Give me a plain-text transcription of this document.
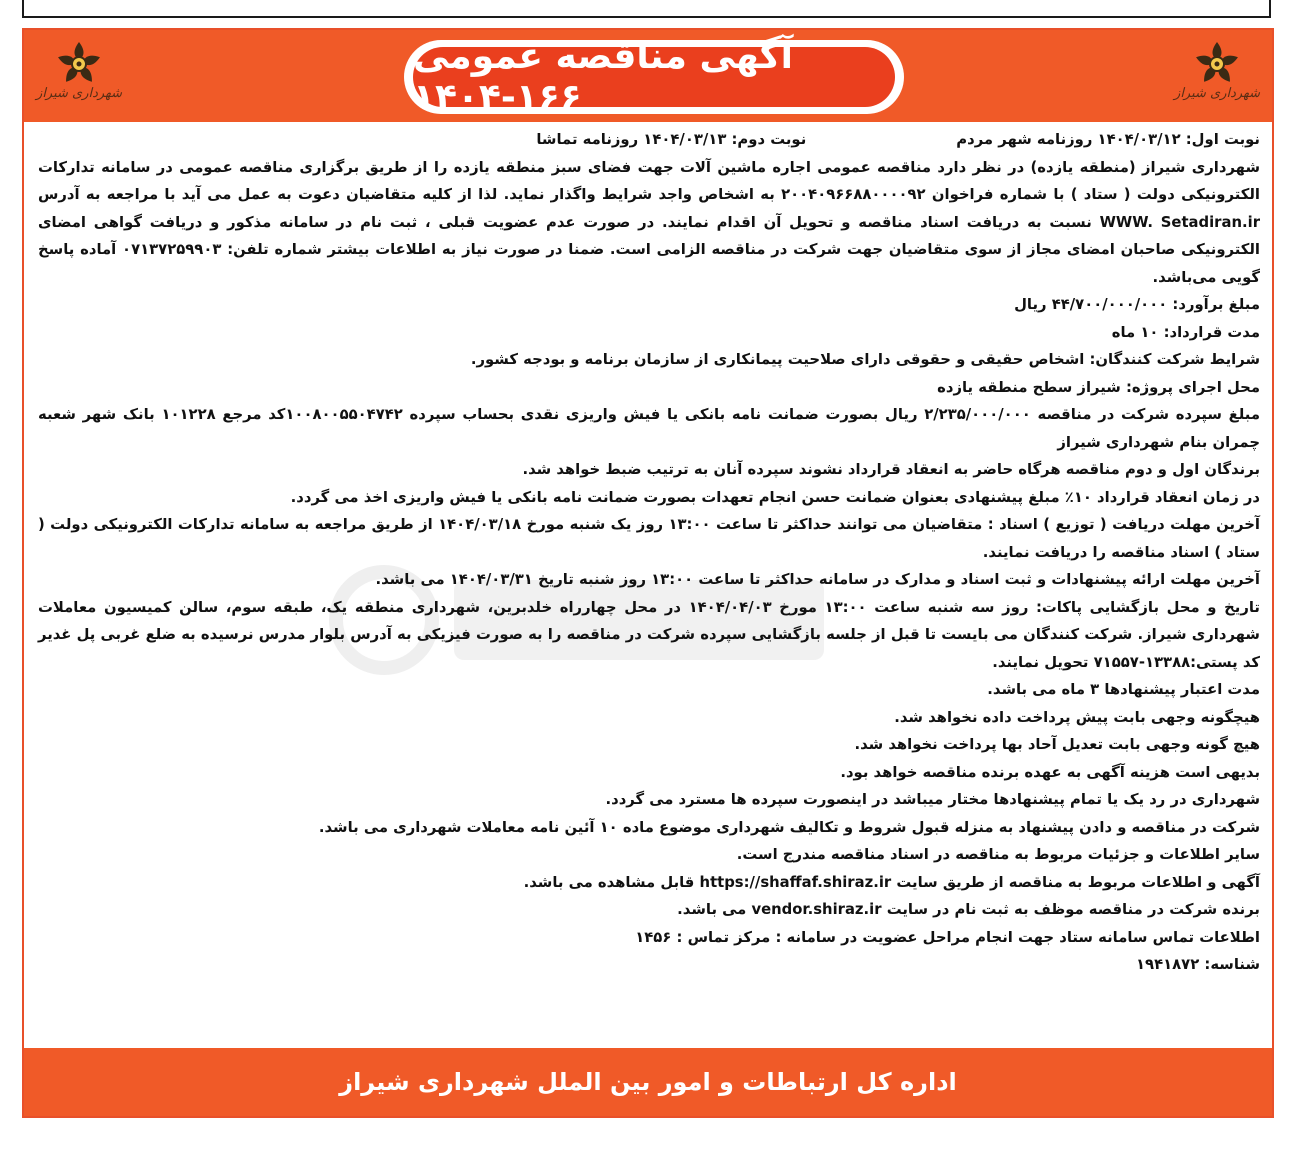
شهرداری شیراز
آگهی مناقصه عمومی ۱۶۶-۱۴۰۴	شهرداری شیراز
نوبت اول: ۱۴۰۴/۰۳/۱۲ روزنامه شهر مردم
نوبت دوم: ۱۴۰۴/۰۳/۱۳ روزنامه تماشا
شهرداری شیراز (منطقه یازده) در نظر دارد مناقصه عمومی اجاره ماشین آلات جهت فضای سبز منطقه یازده را از طریق برگزاری مناقصه عمومی در سامانه تدارکات الکترونیکی دولت ( ستاد ) با شماره فراخوان ۲۰۰۴۰۹۶۶۸۸۰۰۰۰۹۲ به اشخاص واجد شرایط واگذار نماید. لذا از کلیه متقاضیان دعوت به عمل می آید با مراجعه به آدرس WWW. Setadiran.ir نسبت به دریافت اسناد مناقصه و تحویل آن اقدام نمایند. در صورت عدم عضویت قبلی ، ثبت نام در سامانه مذکور و دریافت گواهی امضای الکترونیکی صاحبان امضای مجاز از سوی متقاضیان جهت شرکت در مناقصه الزامی است. ضمنا در صورت نیاز به اطلاعات بیشتر شماره تلفن: ۰۷۱۳۷۲۵۹۹۰۳ آماده پاسخ گویی می‌باشد.
مبلغ برآورد: ۴۴/۷۰۰/۰۰۰/۰۰۰ ریال
مدت قرارداد: ۱۰ ماه
شرایط شرکت کنندگان: اشخاص حقیقی و حقوقی دارای صلاحیت پیمانکاری از سازمان برنامه و بودجه کشور.
محل اجرای پروژه: شیراز سطح منطقه یازده
مبلغ سپرده شرکت در مناقصه ۲/۲۳۵/۰۰۰/۰۰۰ ریال بصورت ضمانت نامه بانکی یا فیش واریزی نقدی بحساب سپرده ۱۰۰۸۰۰۵۵۰۴۷۴۲کد مرجع ۱۰۱۲۲۸ بانک شهر شعبه چمران بنام شهرداری شیراز
برندگان اول و دوم مناقصه هرگاه حاضر به انعقاد قرارداد نشوند سپرده آنان به ترتیب ضبط خواهد شد.
در زمان انعقاد قرارداد ۱۰٪ مبلغ پیشنهادی بعنوان ضمانت حسن انجام تعهدات بصورت ضمانت نامه بانکی یا فیش واریزی اخذ می گردد.
آخرین مهلت دریافت ( توزیع ) اسناد : متقاضیان می توانند حداکثر تا ساعت ۱۳:۰۰ روز یک شنبه مورخ ۱۴۰۴/۰۳/۱۸ از طریق مراجعه به سامانه تدارکات الکترونیکی دولت ( ستاد ) اسناد مناقصه را دریافت نمایند.
آخرین مهلت ارائه پیشنهادات و ثبت اسناد و مدارک در سامانه حداکثر تا ساعت ۱۳:۰۰ روز شنبه تاریخ ۱۴۰۴/۰۳/۳۱ می باشد.
تاریخ و محل بازگشایی پاکات: روز سه شنبه ساعت ۱۳:۰۰ مورخ ۱۴۰۴/۰۴/۰۳ در محل چهارراه خلدبرین، شهرداری منطقه یک، طبقه سوم، سالن کمیسیون معاملات شهرداری شیراز. شرکت کنندگان می بایست تا قبل از جلسه بازگشایی سپرده شرکت در مناقصه را به صورت فیزیکی به آدرس بلوار مدرس نرسیده به ضلع غربی پل غدیر کد پستی:۱۳۳۸۸-۷۱۵۵۷ تحویل نمایند.
مدت اعتبار پیشنهادها ۳ ماه می باشد.
هیچگونه وجهی بابت پیش پرداخت داده نخواهد شد.
هیچ گونه وجهی بابت تعدیل آحاد بها پرداخت نخواهد شد.
بدیهی است هزینه آگهی به عهده برنده مناقصه خواهد بود.
شهرداری در رد یک یا تمام پیشنهادها مختار میباشد در اینصورت سپرده ها مسترد می گردد.
شرکت در مناقصه و دادن پیشنهاد به منزله قبول شروط و تکالیف شهرداری موضوع ماده ۱۰ آئین نامه معاملات شهرداری می باشد.
سایر اطلاعات و جزئیات مربوط به مناقصه در اسناد مناقصه مندرج است.
آگهی و اطلاعات مربوط به مناقصه از طریق سایت https://shaffaf.shiraz.ir قابل مشاهده می باشد.
برنده شرکت در مناقصه موظف به ثبت نام در سایت vendor.shiraz.ir می باشد.
اطلاعات تماس سامانه ستاد جهت انجام مراحل عضویت در سامانه : مرکز تماس : ۱۴۵۶
شناسه: ۱۹۴۱۸۷۲
اداره کل ارتباطات و امور بین الملل شهرداری شیراز
